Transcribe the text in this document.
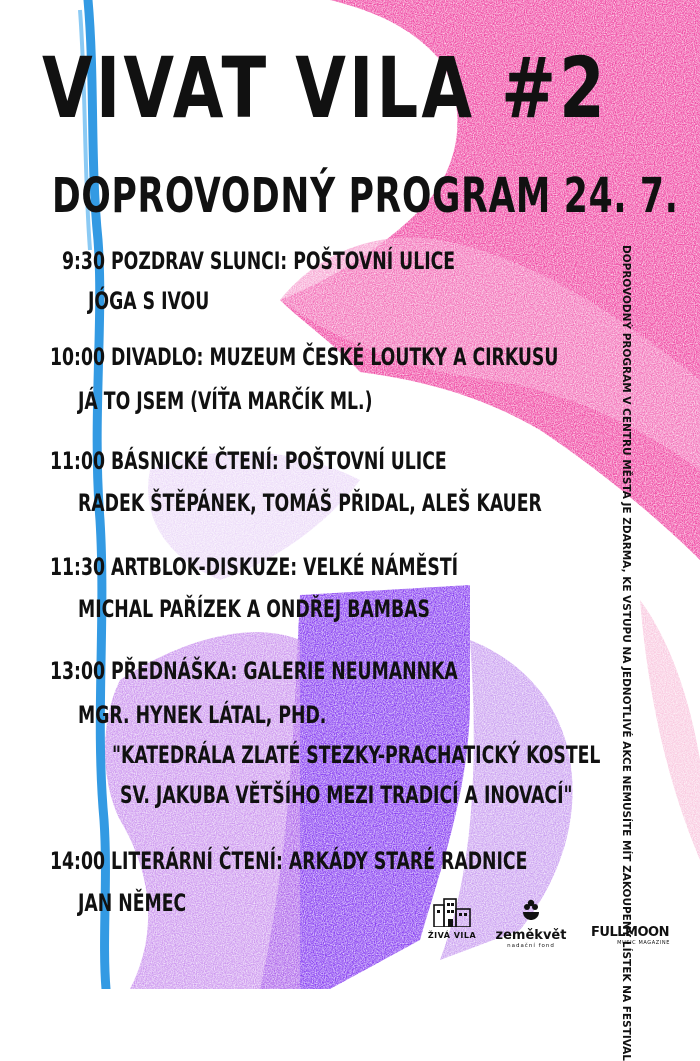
VIVAT VILA #2
DOPROVODNÝ PROGRAM 24. 7.

9:30 POZDRAV SLUNCI: POŠTOVNÍ ULICE

JÓGA S IVOU

10:00 DIVADLO: MUZEUM ČESKÉ LOUTKY A CIRKUSU

JÁ TO JSEM (VÍŤA MARČÍK ML.)

11:00 BÁSNICKÉ ČTENÍ: POŠTOVNÍ ULICE

RADEK ŠTĚPÁNEK, TOMÁŠ PŘIDAL, ALEŠ KAUER

11:30 ARTBLOK-DISKUZE: VELKÉ NÁMĚSTÍ

MICHAL PAŘÍZEK A ONDŘEJ BAMBAS

13:00 PŘEDNÁŠKA: GALERIE NEUMANNKA

MGR. HYNEK LÁTAL, PHD.

"KATEDRÁLA ZLATÉ STEZKY-PRACHATICKÝ KOSTEL

SV. JAKUBA VĚTŠÍHO MEZI TRADICÍ A INOVACÍ"

14:00 LITERÁRNÍ ČTENÍ: ARKÁDY STARÉ RADNICE

JAN NĚMEC	DOPROVODNÝ PROGRAM V CENTRU MĚSTA JE ZDARMA, KE VSTUPU NA JEDNOTLIVÉ AKCE NEMUSÍTE MÍT ZAKOUPENÝ LÍSTEK NA FESTIVAL
ŽIVÁ VILA	zeměkvět
nadační fond
FULLMOON
MUSIC MAGAZINE
